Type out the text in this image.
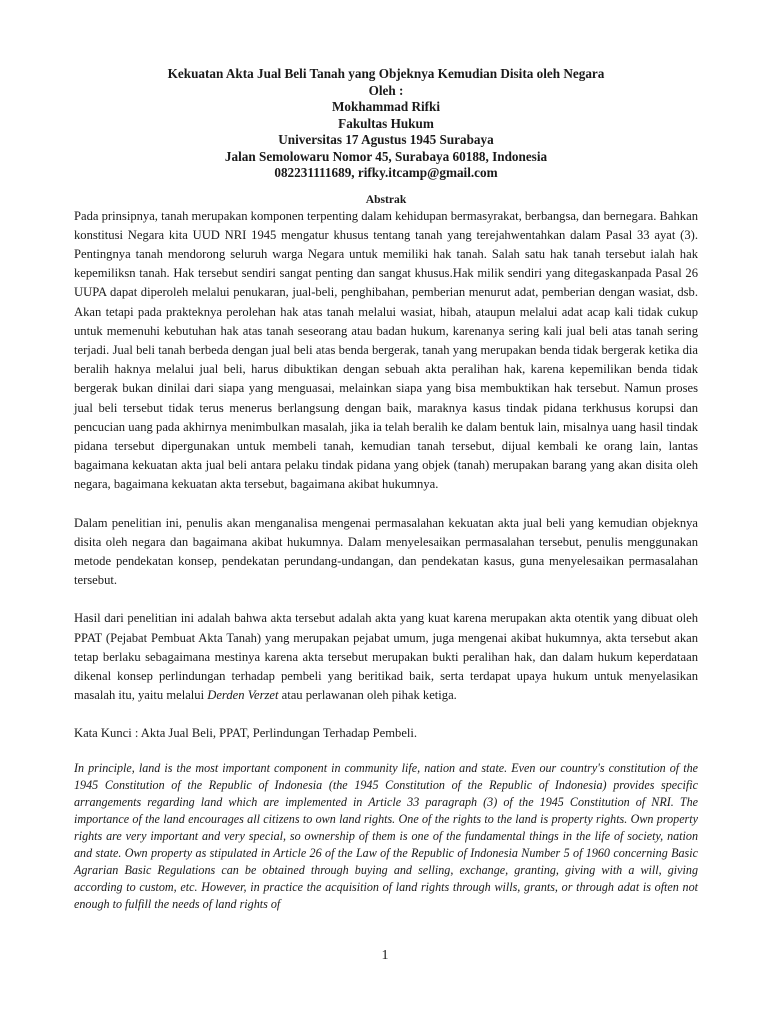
Kekuatan Akta Jual Beli Tanah yang Objeknya Kemudian Disita oleh Negara
Oleh :
Mokhammad Rifki
Fakultas Hukum
Universitas 17 Agustus 1945 Surabaya
Jalan Semolowaru Nomor 45, Surabaya 60188, Indonesia
082231111689, rifky.itcamp@gmail.com
Abstrak

Pada prinsipnya, tanah merupakan komponen terpenting dalam kehidupan bermasyrakat, berbangsa, dan bernegara. Bahkan konstitusi Negara kita UUD NRI 1945 mengatur khusus tentang tanah yang terejahwentahkan dalam Pasal 33 ayat (3). Pentingnya tanah mendorong seluruh warga Negara untuk memiliki hak tanah. Salah satu hak tanah tersebut ialah hak kepemiliksn tanah. Hak tersebut sendiri sangat penting dan sangat khusus.Hak milik sendiri yang ditegaskanpada Pasal 26 UUPA dapat diperoleh melalui penukaran, jual-beli, penghibahan, pemberian menurut adat, pemberian dengan wasiat, dsb. Akan tetapi pada prakteknya perolehan hak atas tanah melalui wasiat, hibah, ataupun melalui adat acap kali tidak cukup untuk memenuhi kebutuhan hak atas tanah seseorang atau badan hukum, karenanya sering kali jual beli atas tanah sering terjadi. Jual beli tanah berbeda dengan jual beli atas benda bergerak, tanah yang merupakan benda tidak bergerak ketika dia beralih haknya melalui jual beli, harus dibuktikan dengan sebuah akta peralihan hak, karena kepemilikan benda tidak bergerak bukan dinilai dari siapa yang menguasai, melainkan siapa yang bisa membuktikan hak tersebut. Namun proses jual beli tersebut tidak terus menerus berlangsung dengan baik, maraknya kasus tindak pidana terkhusus korupsi dan pencucian uang pada akhirnya menimbulkan masalah, jika ia telah beralih ke dalam bentuk lain, misalnya uang hasil tindak pidana tersebut dipergunakan untuk membeli tanah, kemudian tanah tersebut, dijual kembali ke orang lain, lantas bagaimana kekuatan akta jual beli antara pelaku tindak pidana yang objek (tanah) merupakan barang yang akan disita oleh negara, bagaimana kekuatan akta tersebut, bagaimana akibat hukumnya.

Dalam penelitian ini, penulis akan menganalisa mengenai permasalahan kekuatan akta jual beli yang kemudian objeknya disita oleh negara dan bagaimana akibat hukumnya. Dalam menyelesaikan permasalahan tersebut, penulis menggunakan metode pendekatan konsep, pendekatan perundang-undangan, dan pendekatan kasus, guna menyelesaikan permasalahan tersebut.

Hasil dari penelitian ini adalah bahwa akta tersebut adalah akta yang kuat karena merupakan akta otentik yang dibuat oleh PPAT (Pejabat Pembuat Akta Tanah) yang merupakan pejabat umum, juga mengenai akibat hukumnya, akta tersebut akan tetap berlaku sebagaimana mestinya karena akta tersebut merupakan bukti peralihan hak, dan dalam hukum keperdataan dikenal konsep perlindungan terhadap pembeli yang beritikad baik, serta terdapat upaya hukum untuk menyelasikan masalah itu, yaitu melalui Derden Verzet atau perlawanan oleh pihak ketiga.

Kata Kunci : Akta Jual Beli, PPAT, Perlindungan Terhadap Pembeli.

In principle, land is the most important component in community life, nation and state. Even our country's constitution of the 1945 Constitution of the Republic of Indonesia (the 1945 Constitution of the Republic of Indonesia) provides specific arrangements regarding land which are implemented in Article 33 paragraph (3) of the 1945 Constitution of NRI. The importance of the land encourages all citizens to own land rights. One of the rights to the land is property rights. Own property rights are very important and very special, so ownership of them is one of the fundamental things in the life of society, nation and state. Own property as stipulated in Article 26 of the Law of the Republic of Indonesia Number 5 of 1960 concerning Basic Agrarian Basic Regulations can be obtained through buying and selling, exchange, granting, giving with a will, giving according to custom, etc. However, in practice the acquisition of land rights through wills, grants, or through adat is often not enough to fulfill the needs of land rights of

1
